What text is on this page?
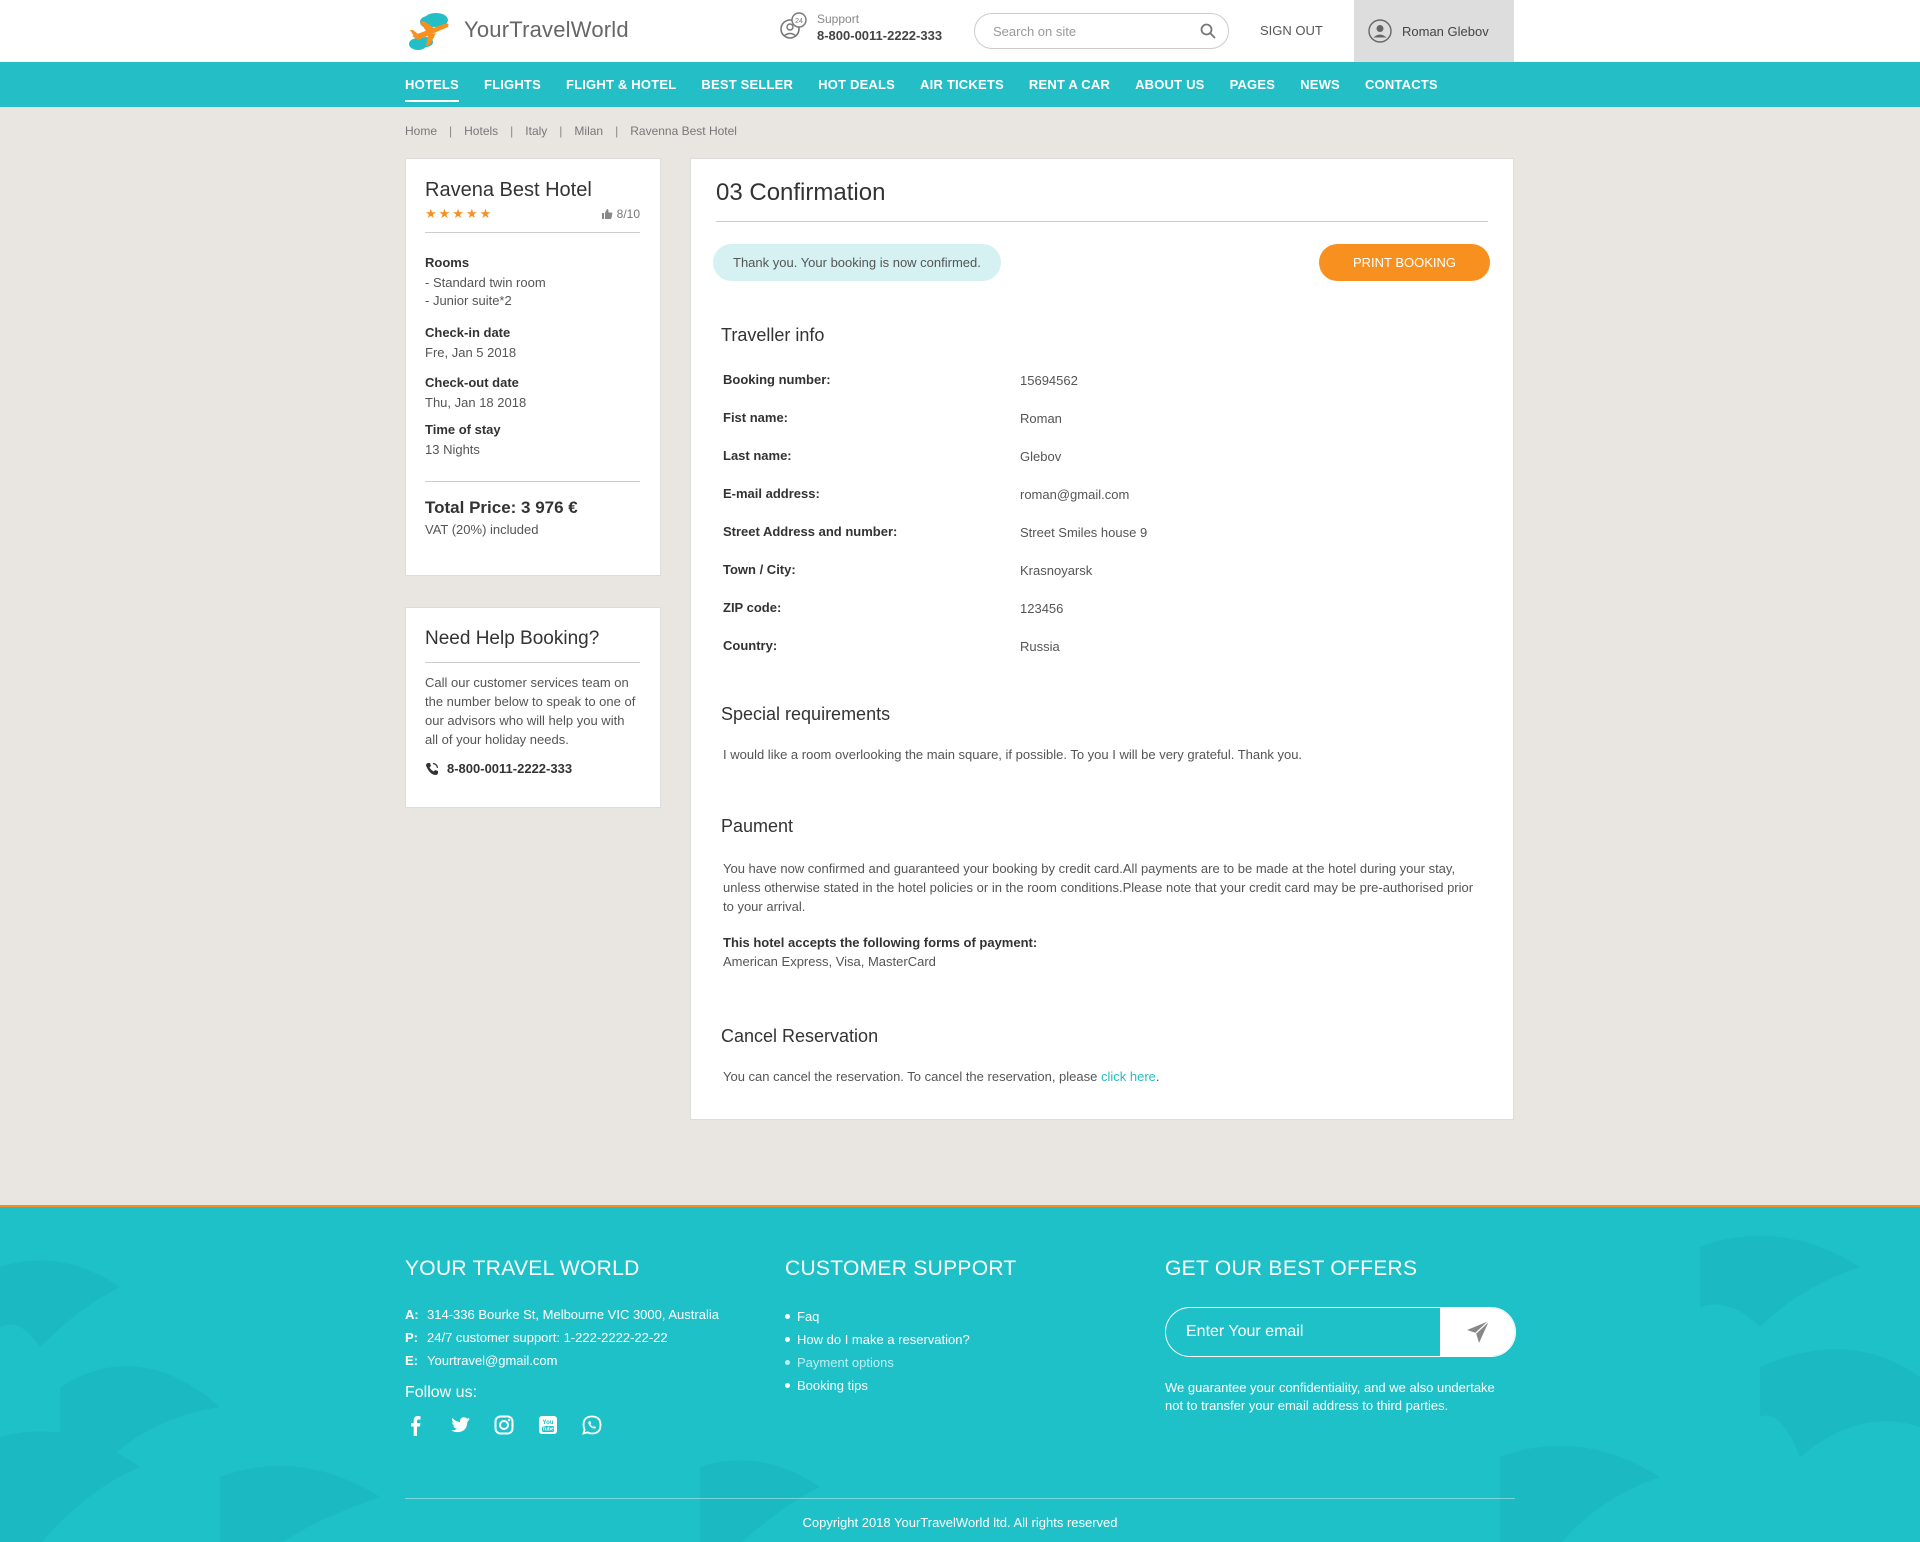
YourTravelWorld	24 Support
8-800-0011-2222-333
Search on site	SIGN OUT	Roman Glebov
HOTELS FLIGHTS FLIGHT & HOTEL BEST SELLER HOT DEALS AIR TICKETS RENT A CAR ABOUT US PAGES NEWS CONTACTS
Home | Hotels | Italy | Milan | Ravenna Best Hotel
Ravena Best Hotel
★★★★★	8/10
Rooms
- Standard twin room
- Junior suite*2
Check-in date
Fre, Jan 5 2018
Check-out date
Thu, Jan 18 2018
Time of stay
13 Nights
Total Price: 3 976 €
VAT (20%) included
Need Help Booking?
Call our customer services team on the number below to speak to one of our advisors who will help you with all of your holiday needs.
8-800-0011-2222-333
03 Confirmation
Thank you. Your booking is now confirmed.	PRINT BOOKING
Traveller info
Booking number:	15694562
Fist name:	Roman
Last name:	Glebov
E-mail address:	roman@gmail.com
Street Address and number:	Street Smiles house 9
Town / City:	Krasnoyarsk
ZIP code:	123456
Country:	Russia
Special requirements
I would like a room overlooking the main square, if possible. To you I will be very grateful. Thank you.
Paument
You have now confirmed and guaranteed your booking by credit card.All payments are to be made at the hotel during your stay, unless otherwise stated in the hotel policies or in the room conditions.Please note that your credit card may be pre-authorised prior to your arrival.
This hotel accepts the following forms of payment:
American Express, Visa, MasterCard
Cancel Reservation
You can cancel the reservation. To cancel the reservation, please click here.
YOUR TRAVEL WORLD
A: 314-336 Bourke St, Melbourne VIC 3000, Australia
P: 24/7 customer support: 1-222-2222-22-22
E: Yourtravel@gmail.com
Follow us:
You
Tube
CUSTOMER SUPPORT
Faq
How do I make a reservation?
Payment options
Booking tips
GET OUR BEST OFFERS
Enter Your email
We guarantee your confidentiality, and we also undertake not to transfer your email address to third parties.
Copyright 2018 YourTravelWorld ltd. All rights reserved
